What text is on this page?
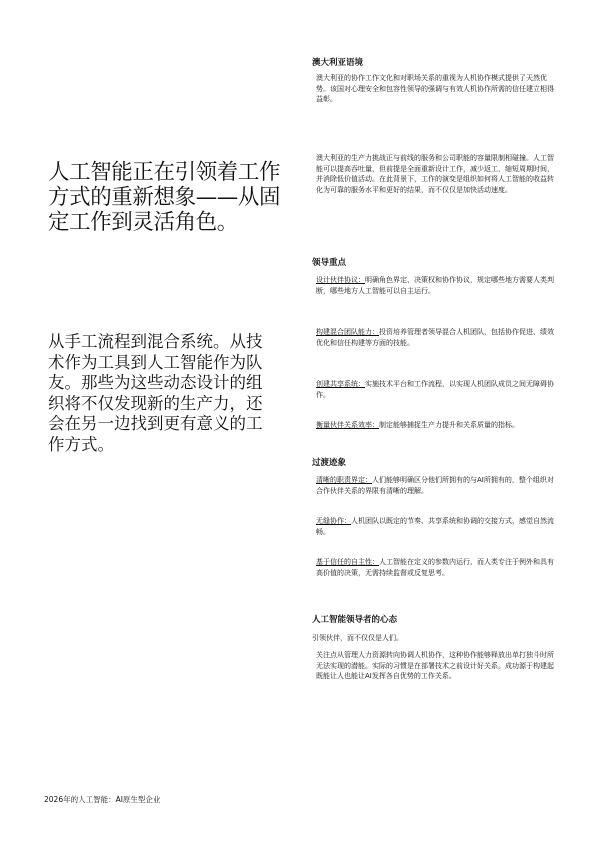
人工智能正在引领着工作方式的重新想象——从固定工作到灵活角色。

从手工流程到混合系统。从技术作为工具到人工智能作为队友。那些为这些动态设计的组织将不仅发现新的生产力，还会在另一边找到更有意义的工作方式。

澳大利亚语境

澳大利亚的协作工作文化和对职场关系的重视为人机协作模式提供了天然优势。该国对心理安全和包容性领导的强调与有效人机协作所需的信任建立相得益彰。

澳大利亚的生产力挑战正与前线的服务和公司职能的容量限制相碰撞。人工智能可以提高吞吐量，但前提是全面重新设计工作，减少返工，缩短周期时间，并消除低价值活动。在此背景下，工作的演变是组织如何将人工智能的收益转化为可靠的服务水平和更好的结果，而不仅仅是加快活动速度。

领导重点

设计伙伴协议：明确角色界定、决策权和协作协议，规定哪些地方需要人类判断，哪些地方人工智能可以自主运行。

构建混合团队能力：投资培养管理者领导混合人机团队，包括协作促进、绩效优化和信任构建等方面的技能。

创建共享系统：实施技术平台和工作流程，以实现人机团队成员之间无障碍协作。

衡量伙伴关系效率：制定能够捕捉生产力提升和关系质量的指标。

过渡迹象

清晰的职责界定：人们能够明确区分他们所拥有的与AI所拥有的，整个组织对合作伙伴关系的界限有清晰的理解。

无缝协作：人机团队以既定的节奏、共享系统和协调的交接方式，感觉自然流畅。

基于信任的自主性：人工智能在定义的参数内运行，而人类专注于例外和具有高价值的决策，无需持续监督或反复思考。

人工智能领导者的心态

引领伙伴，而不仅仅是人们。

关注点从管理人力资源转向协调人机协作，这种协作能够释放出单打独斗时所无法实现的潜能。实际的习惯是在部署技术之前设计好关系。成功源于构建起既能让人也能让AI发挥各自优势的工作关系。

2026年的人工智能：AI原生型企业
